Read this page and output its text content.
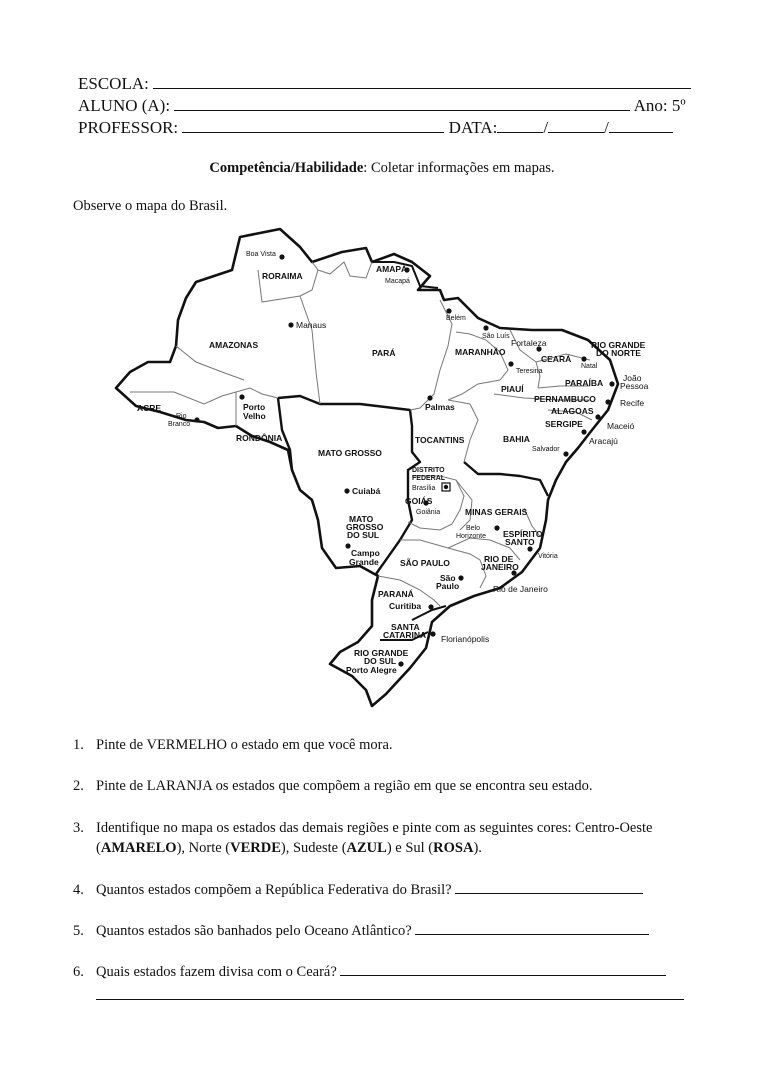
ESCOLA:
ALUNO (A):	Ano: 5º
PROFESSOR:	DATA:	/	/
Competência/Habilidade: Coletar informações em mapas.
Observe o mapa do Brasil.
RORAIMA
AMAPÁ
AMAZONAS
PARÁ	MARANHÃO
CEARÁ
RIO GRANDE
DO NORTE
PARAÍBA
PIAUÍ
PERNAMBUCO
ALAGOAS
SERGIPE
ACRE
RONDÔNIA
MATO GROSSO
TOCANTINS	BAHIA
DISTRITO
FEDERAL
GOIÁS
MINAS GERAIS
MATO
GROSSO
DO SUL	ESPÍRITO
SANTO
RIO DE
JANEIRO
SÃO PAULO
PARANÁ
SANTA
CATARINA
RIO GRANDE
DO SUL
Boa Vista
Macapá
Manaus
Belém
São Luís
Fortaleza
Natal
Teresina
João
Pessoa
Recife
Maceió
Aracajú
Salvador
Rio
Branco
Porto
Velho
Palmas
Cuiabá	Brasília
Goiânia
Belo
Horizonte
Vitória
Campo
Grande
São
Paulo	Rio de Janeiro
Curitiba
Florianópolis
Porto Alegre
1. Pinte de VERMELHO o estado em que você mora.
2. Pinte de LARANJA os estados que compõem a região em que se encontra seu estado.
3. Identifique no mapa os estados das demais regiões e pinte com as seguintes cores: Centro-Oeste (AMARELO), Norte (VERDE), Sudeste (AZUL) e Sul (ROSA).
4. Quantos estados compõem a República Federativa do Brasil?
5. Quantos estados são banhados pelo Oceano Atlântico?
6. Quais estados fazem divisa com o Ceará?
